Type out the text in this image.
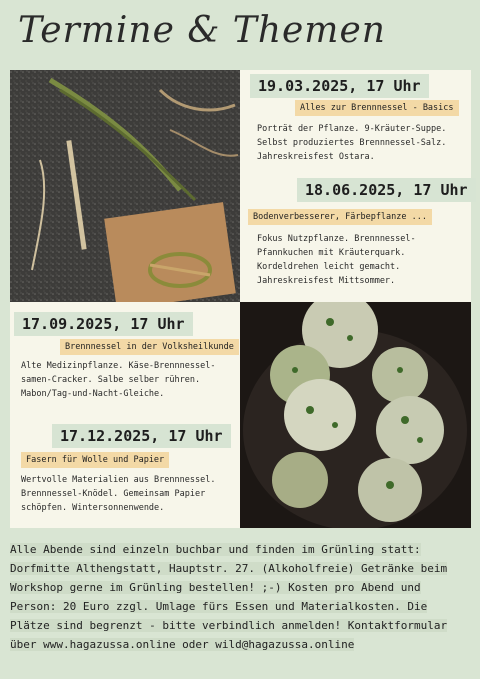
Termine & Themen
19.03.2025, 17 Uhr
Alles zur Brennnessel - Basics
Porträt der Pflanze. 9-Kräuter-Suppe. Selbst produziertes Brennnessel-Salz. Jahreskreisfest Ostara.
18.06.2025, 17 Uhr
Bodenverbesserer, Färbepflanze ...
Fokus Nutzpflanze. Brennnessel-Pfannkuchen mit Kräuterquark. Kordeldrehen leicht gemacht. Jahreskreisfest Mittsommer.
17.09.2025, 17 Uhr
Brennnessel in der Volksheilkunde
Alte Medizinpflanze. Käse-Brennnessel-samen-Cracker. Salbe selber rühren. Mabon/Tag-und-Nacht-Gleiche.
17.12.2025, 17 Uhr
Fasern für Wolle und Papier
Wertvolle Materialien aus Brennnessel. Brennnessel-Knödel. Gemeinsam Papier schöpfen. Wintersonnenwende.
Alle Abende sind einzeln buchbar und finden im Grünling statt:
Dorfmitte Althengstatt, Hauptstr. 27. (Alkoholfreie) Getränke beim
Workshop gerne im Grünling bestellen! ;-) Kosten pro Abend und
Person: 20 Euro zzgl. Umlage fürs Essen und Materialkosten. Die
Plätze sind begrenzt - bitte verbindlich anmelden! Kontaktformular
über www.hagazussa.online oder wild@hagazussa.online
